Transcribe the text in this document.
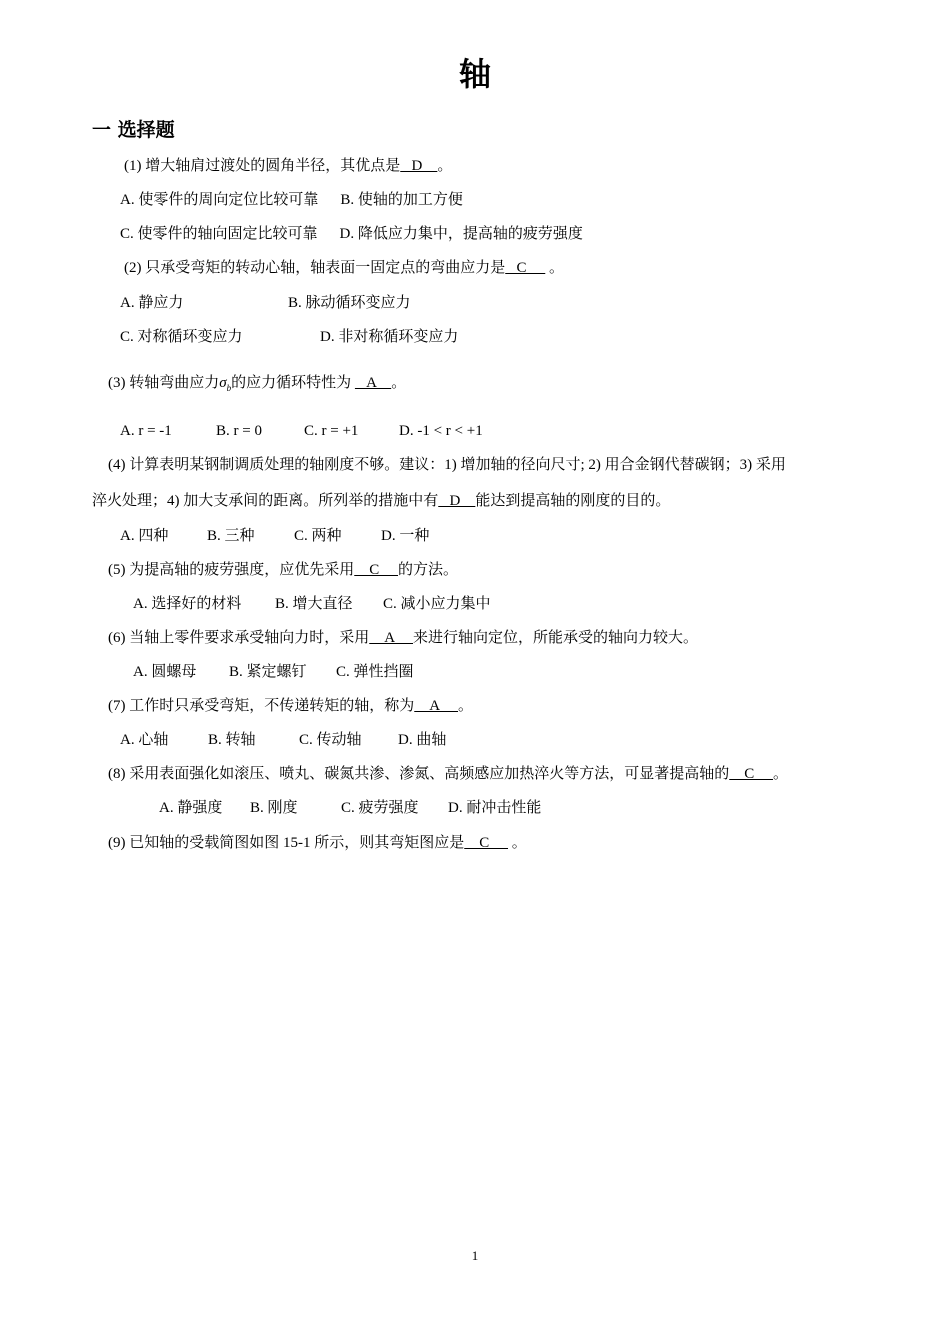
轴
一 选择题
(1) 增大轴肩过渡处的圆角半径，其优点是   D    。
A. 使零件的周向定位比较可靠 B. 使轴的加工方便
C. 使零件的轴向固定比较可靠 D. 降低应力集中，提高轴的疲劳强度
(2) 只承受弯矩的转动心轴，轴表面一固定点的弯曲应力是   C      。
A. 静应力	B. 脉动循环变应力
C. 对称循环变应力	D. 非对称循环变应力
(3) 转轴弯曲应力$\sigma_b$的应力循环特性为    A    。
A. r = -1	B. r = 0	C. r = +1	D. -1 < r < +1
(4) 计算表明某钢制调质处理的轴刚度不够。建议：1) 增加轴的径向尺寸; 2) 用合金钢代替碳钢；3) 采用
淬火处理；4) 加大支承间的距离。所列举的措施中有   D    能达到提高轴的刚度的目的。
A. 四种	B. 三种	C. 两种	D. 一种
(5) 为提高轴的疲劳强度，应优先采用    C     的方法。
A. 选择好的材料 B. 增大直径 C. 减小应力集中
(6) 当轴上零件要求承受轴向力时，采用    A     来进行轴向定位，所能承受的轴向力较大。
A. 圆螺母 B. 紧定螺钉 C. 弹性挡圈
(7) 工作时只承受弯矩，不传递转矩的轴，称为    A     。
A. 心轴	B. 转轴	C. 传动轴 D. 曲轴
(8) 采用表面强化如滚压、喷丸、碳氮共渗、渗氮、高频感应加热淬火等方法，可显著提高轴的    C     。
A. 静强度 B. 刚度	C. 疲劳强度 D. 耐冲击性能
(9) 已知轴的受载简图如图 15-1 所示，则其弯矩图应是    C      。
1
